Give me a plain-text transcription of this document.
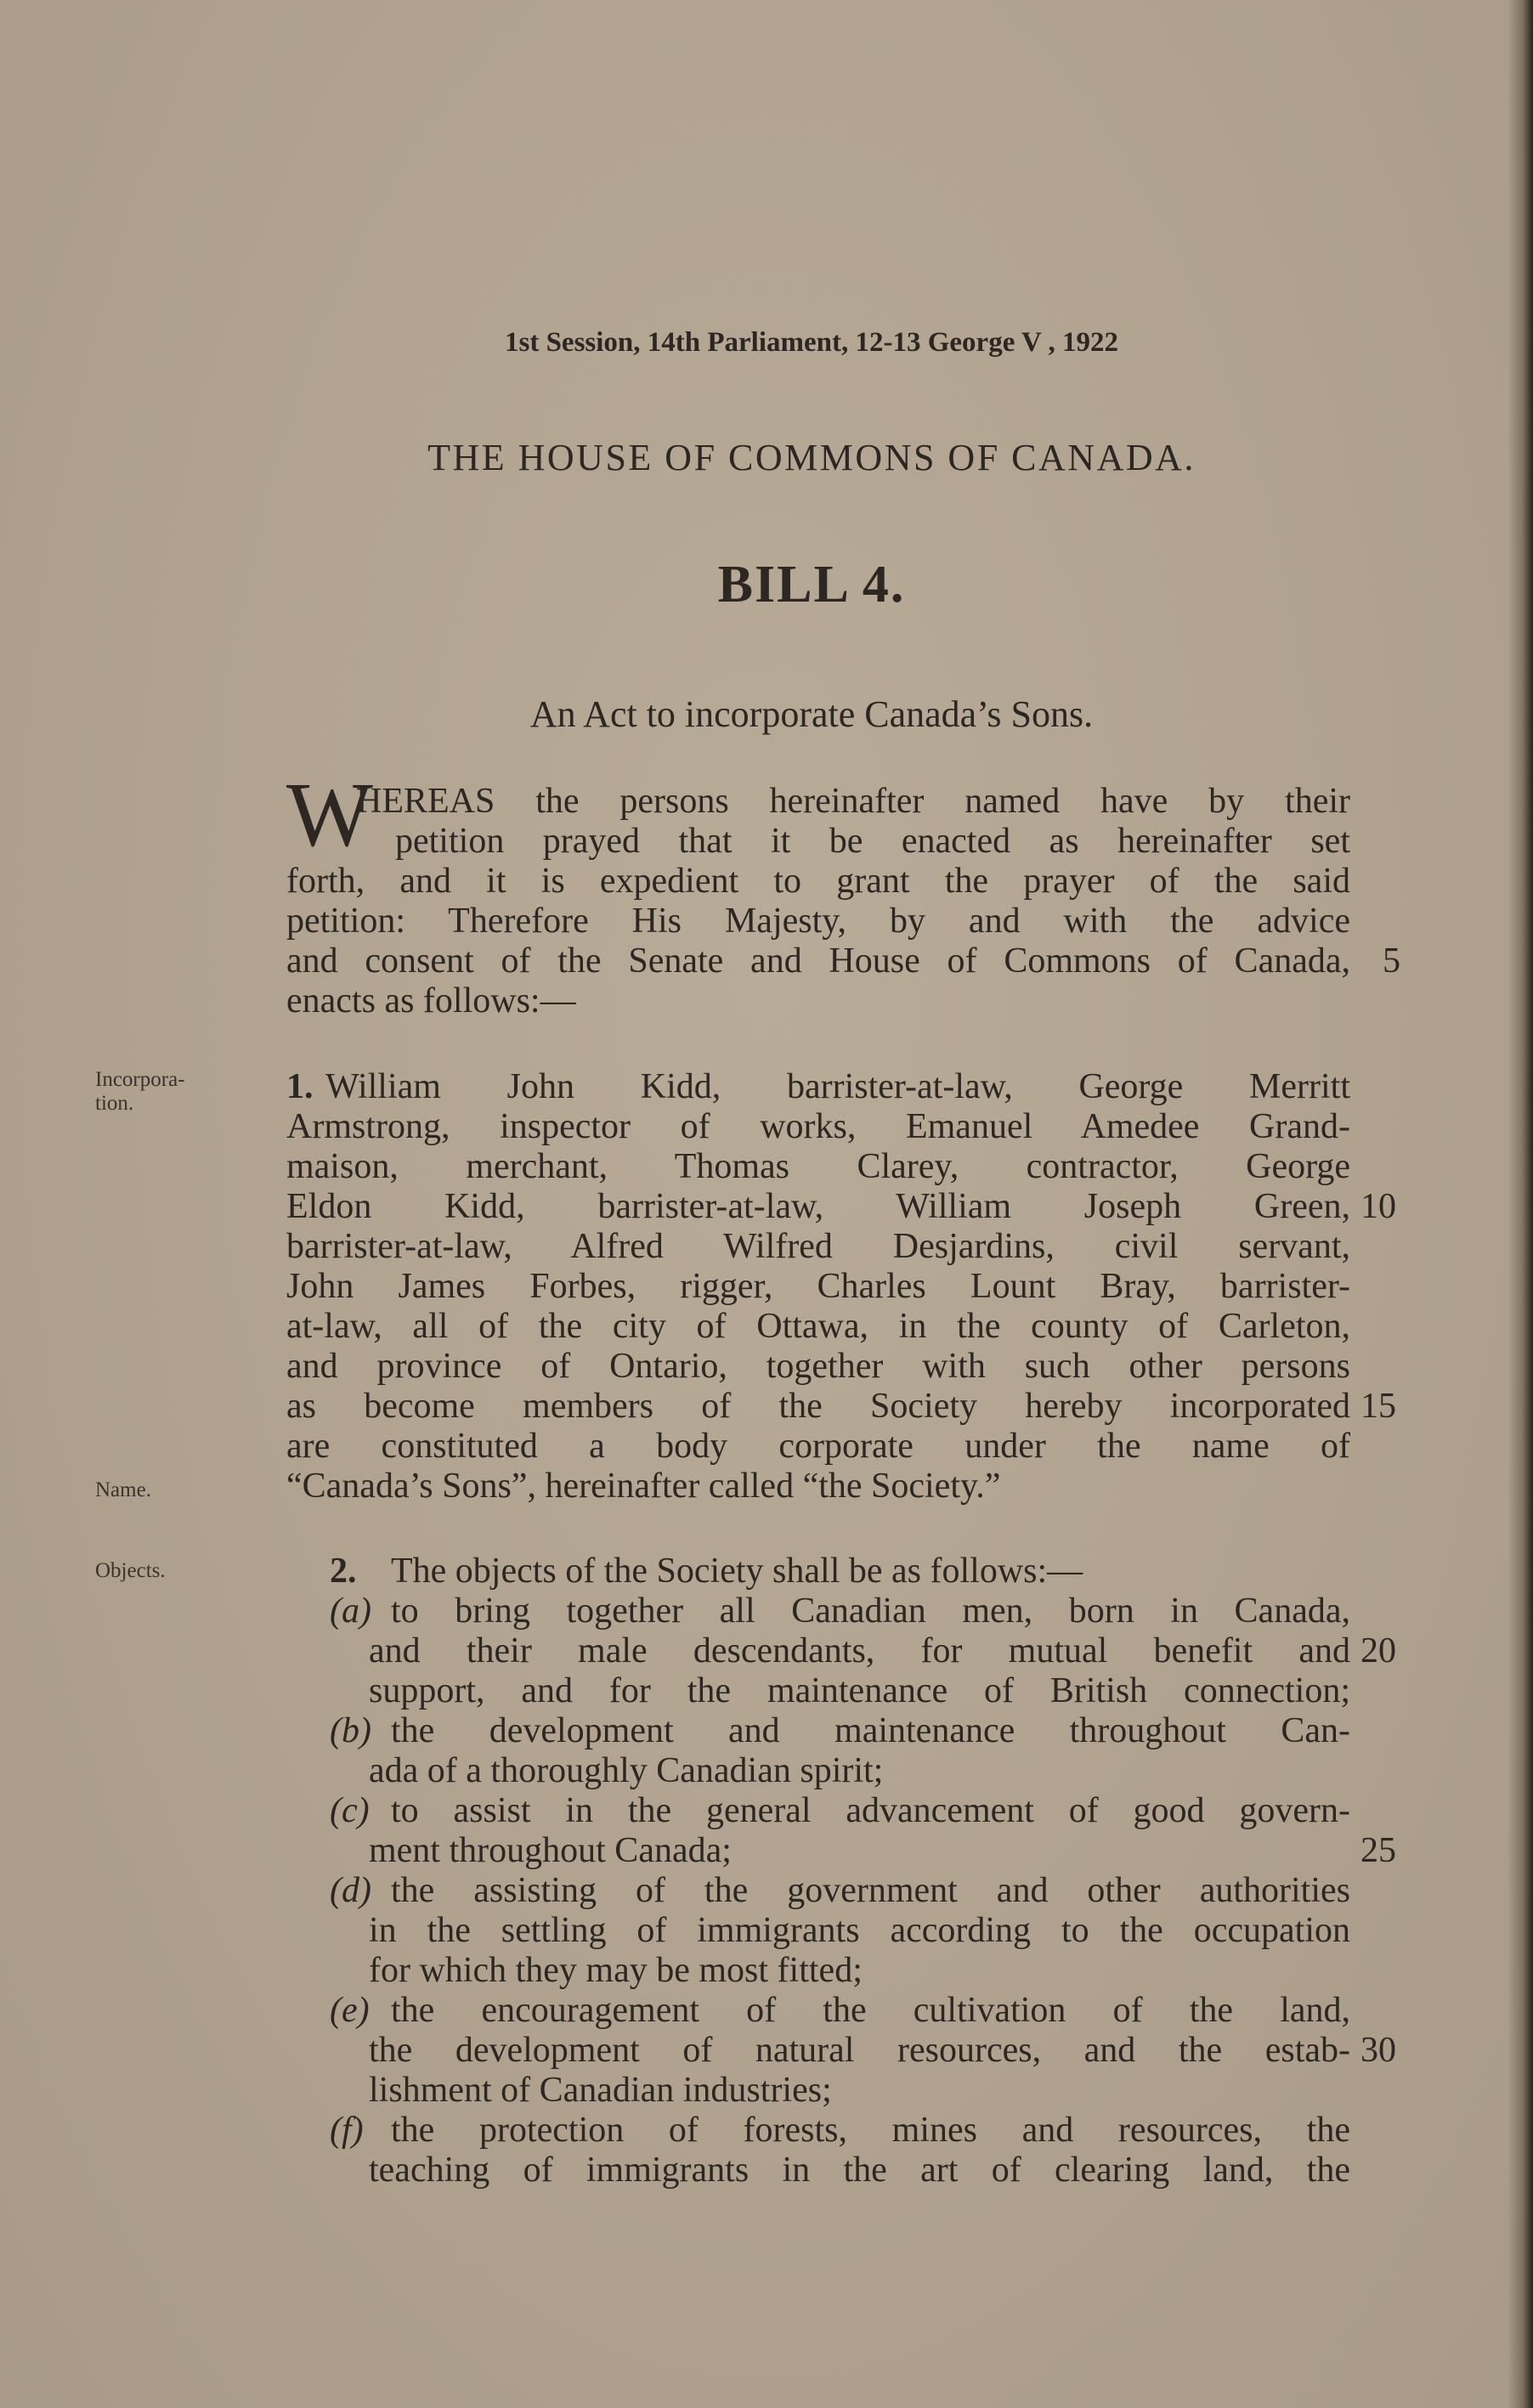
1st Session, 14th Parliament, 12-13 George V , 1922
THE HOUSE OF COMMONS OF CANADA.
BILL 4.
An Act to incorporate Canada’s Sons.
W
HEREAS the persons hereinafter named have by their
petition prayed that it be enacted as hereinafter set
forth, and it is expedient to grant the prayer of the said
petition: Therefore His Majesty, by and with the advice
and consent of the Senate and House of Commons of Canada,
enacts as follows:—
5
Incorpora-
tion.
Name.
Objects.
1. William John Kidd, barrister-at-law, George Merritt
Armstrong, inspector of works, Emanuel Amedee Grand-
maison, merchant, Thomas Clarey, contractor, George
Eldon Kidd, barrister-at-law, William Joseph Green,
barrister-at-law, Alfred Wilfred Desjardins, civil servant,
John James Forbes, rigger, Charles Lount Bray, barrister-
at-law, all of the city of Ottawa, in the county of Carleton,
and province of Ontario, together with such other persons
as become members of the Society hereby incorporated
are constituted a body corporate under the name of
“Canada’s Sons”, hereinafter called “the Society.”
10
15
2. The objects of the Society shall be as follows:—
(a) to bring together all Canadian men, born in Canada,
and their male descendants, for mutual benefit and
support, and for the maintenance of British connection;
20
(b) the development and maintenance throughout Can-
ada of a thoroughly Canadian spirit;
(c) to assist in the general advancement of good govern-
ment throughout Canada;	25
(d) the assisting of the government and other authorities
in the settling of immigrants according to the occupation
for which they may be most fitted;
(e) the encouragement of the cultivation of the land,
the development of natural resources, and the estab-
lishment of Canadian industries;
30
(f) the protection of forests, mines and resources, the
teaching of immigrants in the art of clearing land, the
